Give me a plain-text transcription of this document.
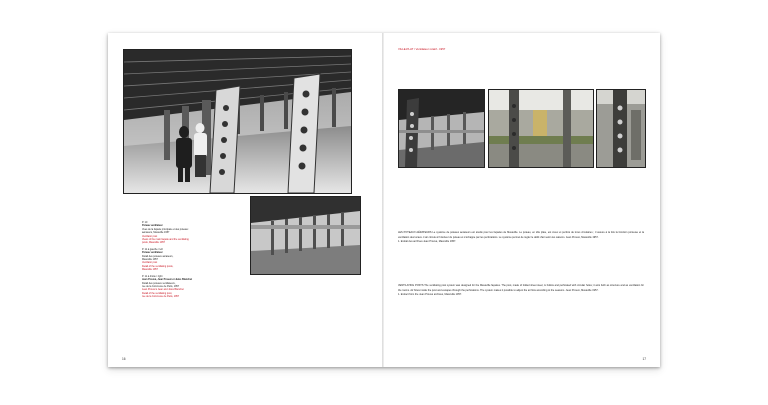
P. 10
Poteau ventilateur
Vues de la façade principale et des poteaux
aérateurs, Maxéville 1957
Ventilator post
Views of the main façade and the ventilating
posts, Maxéville 1957
P. 11 à gauche / left
Poteau ventilateur
Détail des poteaux aérateurs,
Maxéville 1957
Ventilator post
Detail of the ventilating posts,
Maxéville 1957
P. 11 à droite / right
Jean Prouvé, Jean Prouvé et Jules Blanchet
Détail des poteaux ventilateurs,
rue de la Commune de Paris, 1957
Jean Prouvé's Jean and Jules Blanchet
Detail of the ventilating post,
rue de la Commune de Paris, 1957
16
VILLE-PLAT / Ventilateur rotatif - 1957
LES POTEAUX AÉRATEURS Le système de poteaux aérateurs est étudié pour les façades de Maxéville. Le poteau, en tôle pliée, est creux et perforé de trous circulaires ; il assure à la fois la fonction porteuse et la ventilation des locaux. L'air circule à l'intérieur du poteau et s'échappe par les perforations. Le système permet de régler le débit d'air selon les saisons. Jean Prouvé, Maxéville 1957.
1. Extrait des archives Jean Prouvé, Maxéville 1957.
VENTILATING POSTS The ventilating post system was designed for the Maxéville façades. The post, made of folded sheet steel, is hollow and perforated with circular holes; it acts both as structure and as ventilation for the rooms. Air flows inside the post and escapes through the perforations. The system makes it possible to adjust the air flow according to the seasons. Jean Prouvé, Maxéville 1957.
1. Extract from the Jean Prouvé archives, Maxéville 1957.
17
